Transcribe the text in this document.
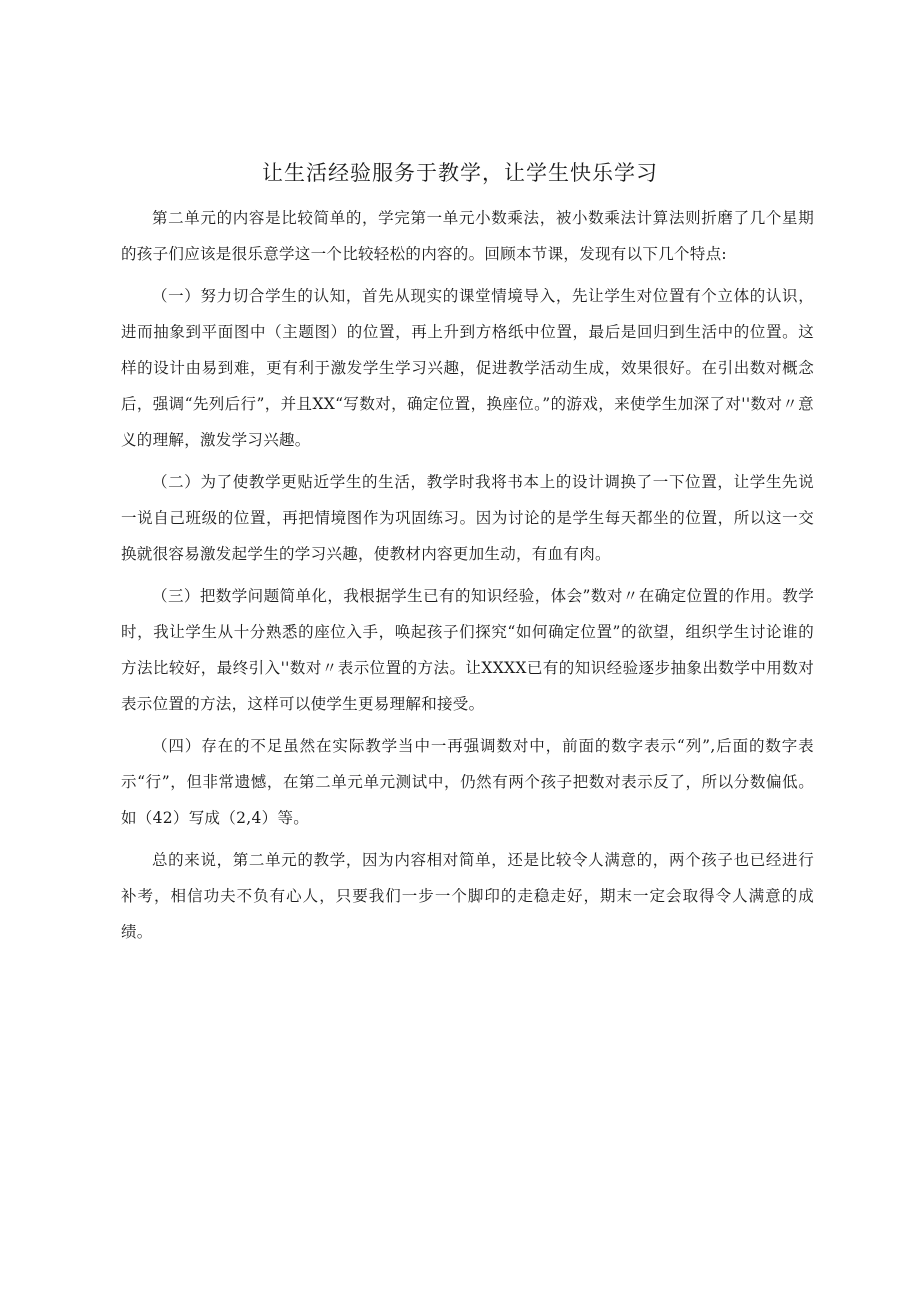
让生活经验服务于教学，让学生快乐学习

第二单元的内容是比较简单的，学完第一单元小数乘法，被小数乘法计算法则折磨了几个星期的孩子们应该是很乐意学这一个比较轻松的内容的。回顾本节课，发现有以下几个特点:

（一）努力切合学生的认知，首先从现实的课堂情境导入，先让学生对位置有个立体的认识，进而抽象到平面图中（主题图）的位置，再上升到方格纸中位置，最后是回归到生活中的位置。这样的设计由易到难，更有利于激发学生学习兴趣，促进教学活动生成，效果很好。在引出数对概念后，强调“先列后行”，并且XX“写数对，确定位置，换座位。”的游戏，来使学生加深了对''数对〃意义的理解，激发学习兴趣。

（二）为了使教学更贴近学生的生活，教学时我将书本上的设计调换了一下位置，让学生先说一说自己班级的位置，再把情境图作为巩固练习。因为讨论的是学生每天都坐的位置，所以这一交换就很容易激发起学生的学习兴趣，使教材内容更加生动，有血有肉。

（三）把数学问题简单化，我根据学生已有的知识经验，体会”数对〃在确定位置的作用。教学时，我让学生从十分熟悉的座位入手，唤起孩子们探究“如何确定位置”的欲望，组织学生讨论谁的方法比较好，最终引入''数对〃表示位置的方法。让XXXX已有的知识经验逐步抽象出数学中用数对表示位置的方法，这样可以使学生更易理解和接受。

（四）存在的不足虽然在实际教学当中一再强调数对中，前面的数字表示“列”,后面的数字表示“行”，但非常遗憾，在第二单元单元测试中，仍然有两个孩子把数对表示反了，所以分数偏低。如（42）写成（2,4）等。

总的来说，第二单元的教学，因为内容相对简单，还是比较令人满意的，两个孩子也已经进行补考，相信功夫不负有心人，只要我们一步一个脚印的走稳走好，期末一定会取得令人满意的成绩。
